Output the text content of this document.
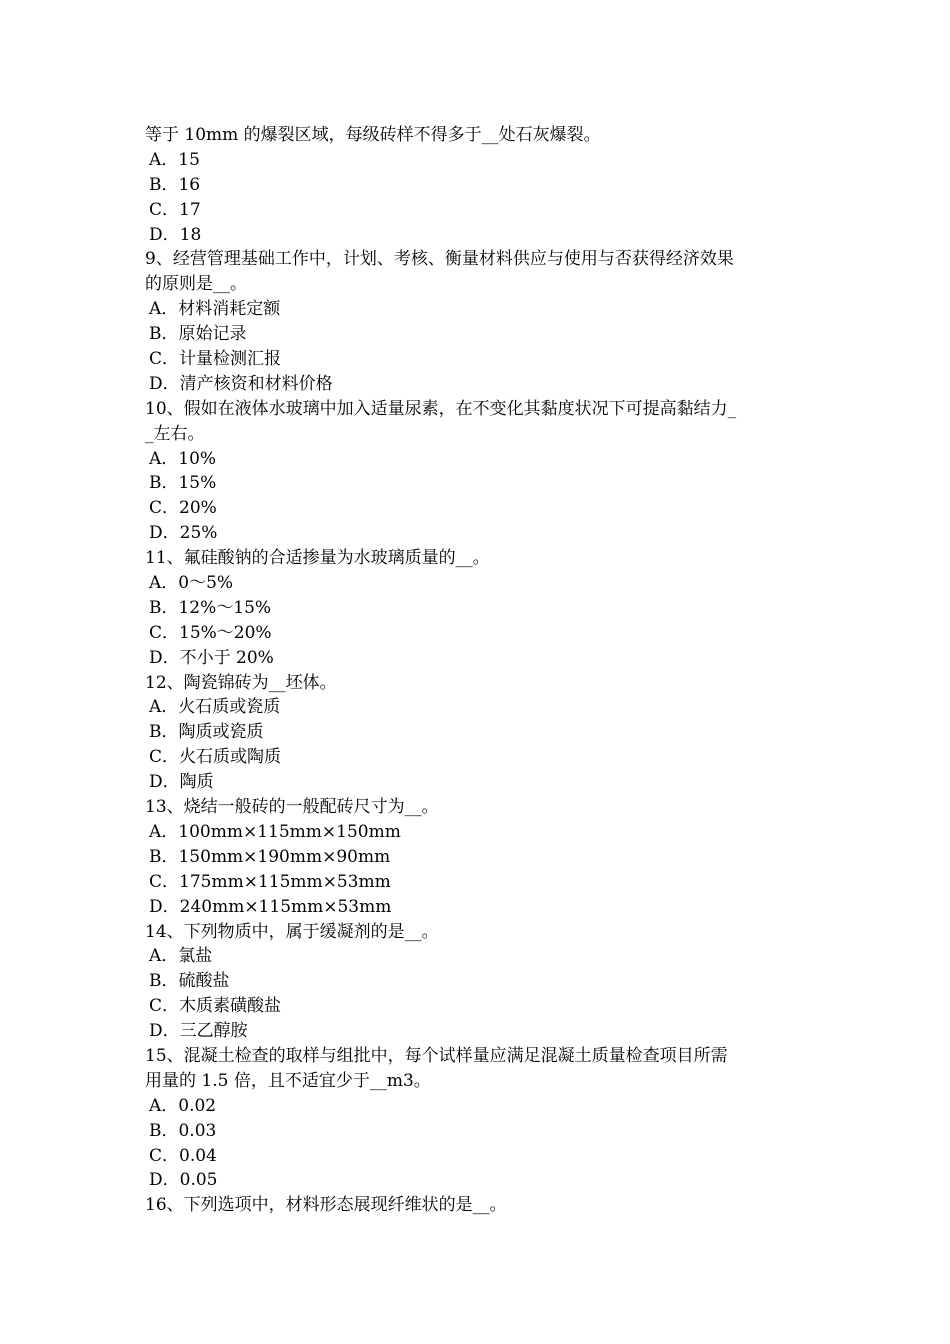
等于 10mm 的爆裂区域，每级砖样不得多于__处石灰爆裂。
A．15
B．16
C．17
D．18
9、经营管理基础工作中，计划、考核、衡量材料供应与使用与否获得经济效果
的原则是__。
A．材料消耗定额
B．原始记录
C．计量检测汇报
D．清产核资和材料价格
10、假如在液体水玻璃中加入适量尿素，在不变化其黏度状况下可提高黏结力_
_左右。
A．10%
B．15%
C．20%
D．25%
11、氟硅酸钠的合适掺量为水玻璃质量的__。
A．0～5%
B．12%～15%
C．15%～20%
D．不小于 20%
12、陶瓷锦砖为__坯体。
A．火石质或瓷质
B．陶质或瓷质
C．火石质或陶质
D．陶质
13、烧结一般砖的一般配砖尺寸为__。
A．100mm×115mm×150mm
B．150mm×190mm×90mm
C．175mm×115mm×53mm
D．240mm×115mm×53mm
14、下列物质中，属于缓凝剂的是__。
A．氯盐
B．硫酸盐
C．木质素磺酸盐
D．三乙醇胺
15、混凝土检查的取样与组批中，每个试样量应满足混凝土质量检查项目所需
用量的 1.5 倍，且不适宜少于__m3。
A．0.02
B．0.03
C．0.04
D．0.05
16、下列选项中，材料形态展现纤维状的是__。
